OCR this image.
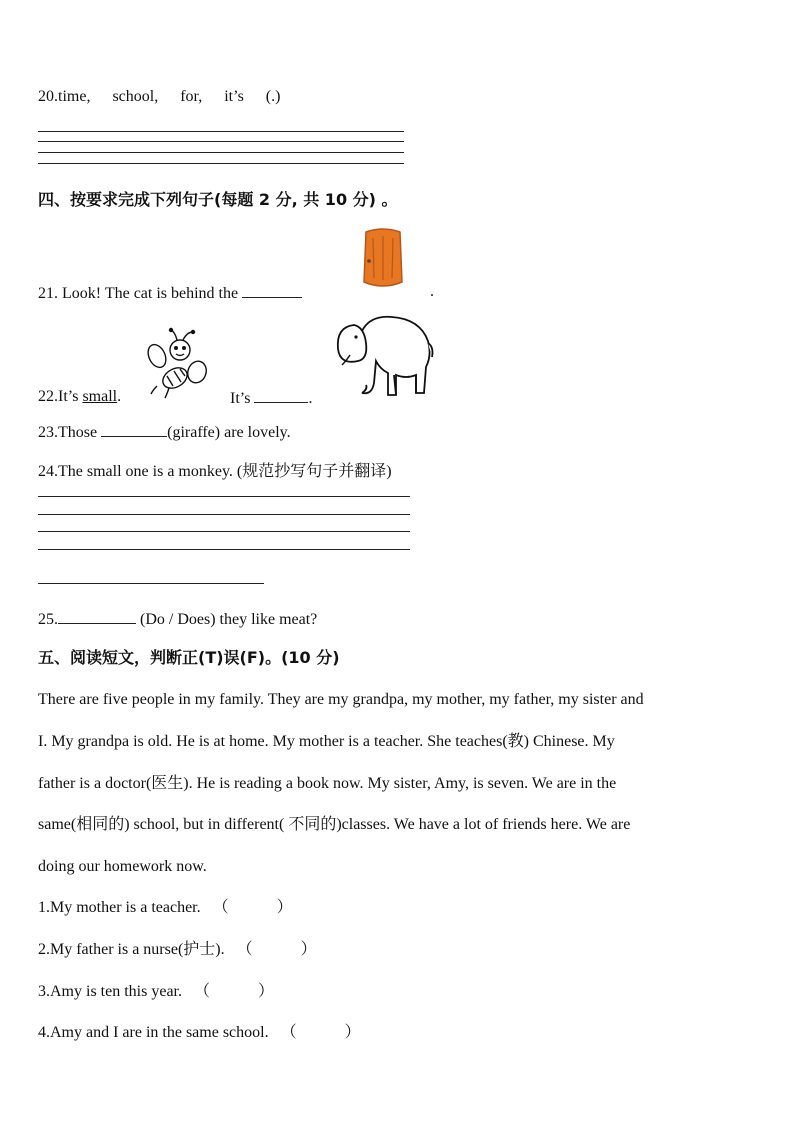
20.time, school, for, it’s (.)
四、按要求完成下列句子(每题 2 分, 共 10 分) 。
21. Look! The cat is behind the	.
22.It’s small.	It’s	.
23.Those	(giraffe) are lovely.
24.The small one is a monkey. (规范抄写句子并翻译)
25.	(Do / Does) they like meat?
五、阅读短文，判断正(T)误(F)。(10 分)
There are five people in my family. They are my grandpa, my mother, my father, my sister and
I. My grandpa is old. He is at home. My mother is a teacher. She teaches(教) Chinese. My
father is a doctor(医生). He is reading a book now. My sister, Amy, is seven. We are in the
same(相同的) school, but in different( 不同的)classes. We have a lot of friends here. We are
doing our homework now.
1.My mother is a teacher. （　　　）
2.My father is a nurse(护士). （　　　）
3.Amy is ten this year. （　　　）
4.Amy and I are in the same school. （　　　）
